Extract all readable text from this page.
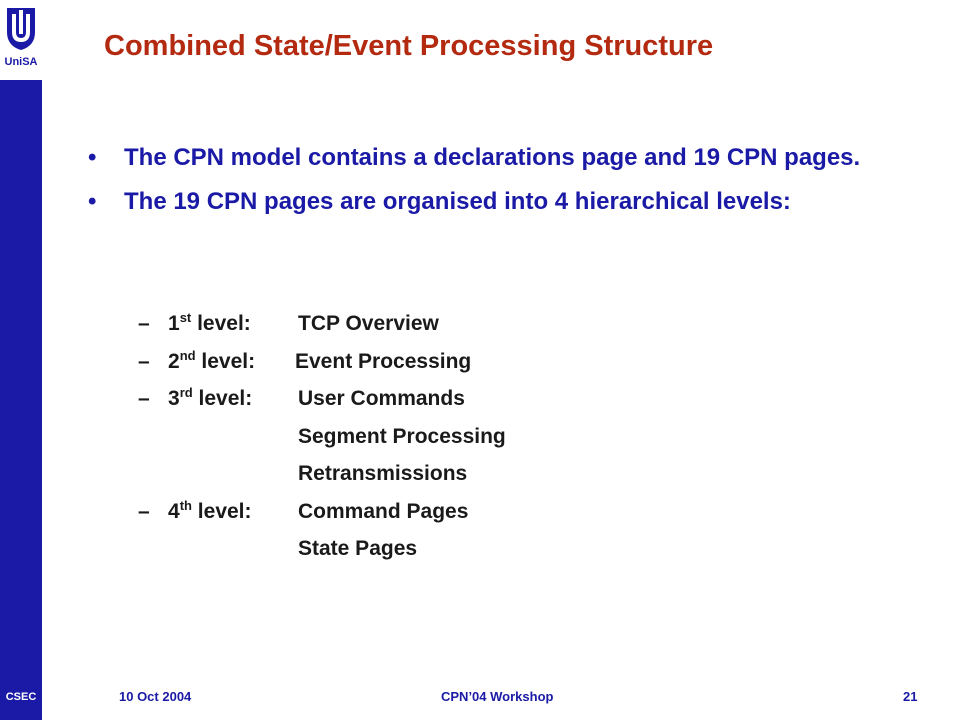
UniSA Combined State/Event Processing Structure
• The CPN model contains a declarations page and 19 CPN pages.
• The 19 CPN pages are organised into 4 hierarchical levels:
– 1st level: TCP Overview
– 2nd level: Event Processing
– 3rd level: User Commands
Segment Processing
Retransmissions
– 4th level: Command Pages
State Pages
CSEC	10 Oct 2004	CPN’04 Workshop	21
